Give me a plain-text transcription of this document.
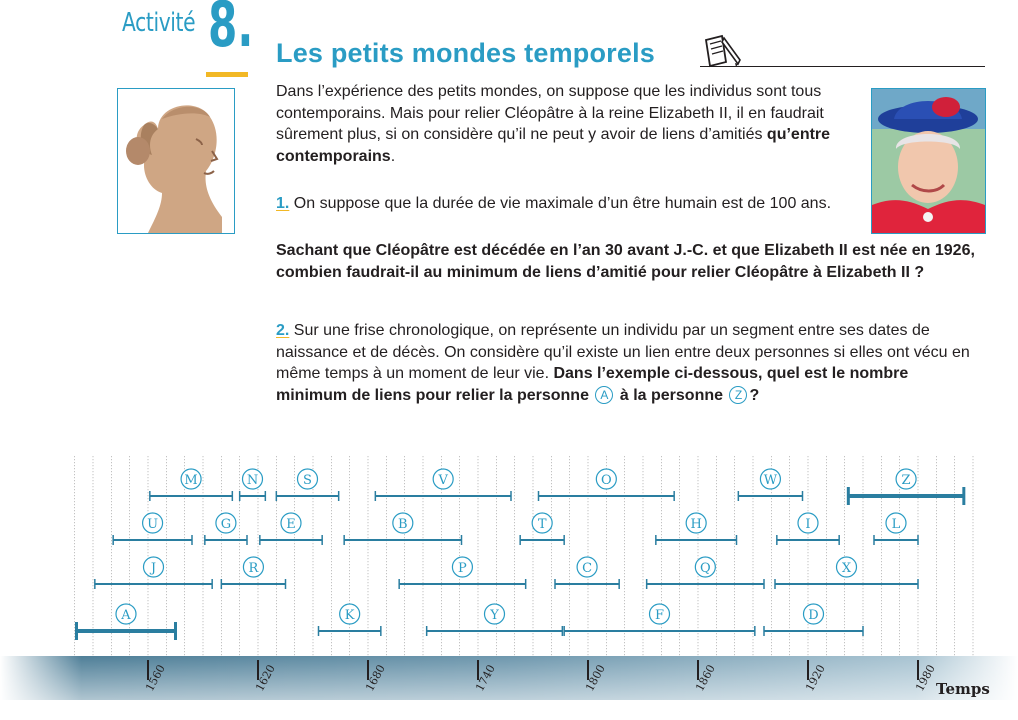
Activité 8. Les petits mondes temporels
Dans l’expérience des petits mondes, on suppose que les individus sont tous contemporains. Mais pour relier Cléopâtre à la reine Elizabeth II, il en faudrait sûrement plus, si on considère qu’il ne peut y avoir de liens d’amitiés qu’entre contemporains.
1. On suppose que la durée de vie maximale d’un être humain est de 100 ans.
Sachant que Cléopâtre est décédée en l’an 30 avant J.-C. et que Elizabeth II est née en 1926, combien faudrait-il au minimum de liens d’amitié pour relier Cléopâtre à Elizabeth II ?
2. Sur une frise chronologique, on représente un individu par un segment entre ses dates de naissance et de décès. On considère qu’il existe un lien entre deux personnes si elles ont vécu en même temps à un moment de leur vie. Dans l’exemple ci-dessous, quel est le nombre minimum de liens pour relier la personne A à la personne Z ?
1560	1620	1680	1740	1800	1860	1920	1980
M	N	S	V	O	W	Z
U	G	E	B	T	H	I	L
J	R	P	C	Q	X
A	K	Y	F	D
Temps
